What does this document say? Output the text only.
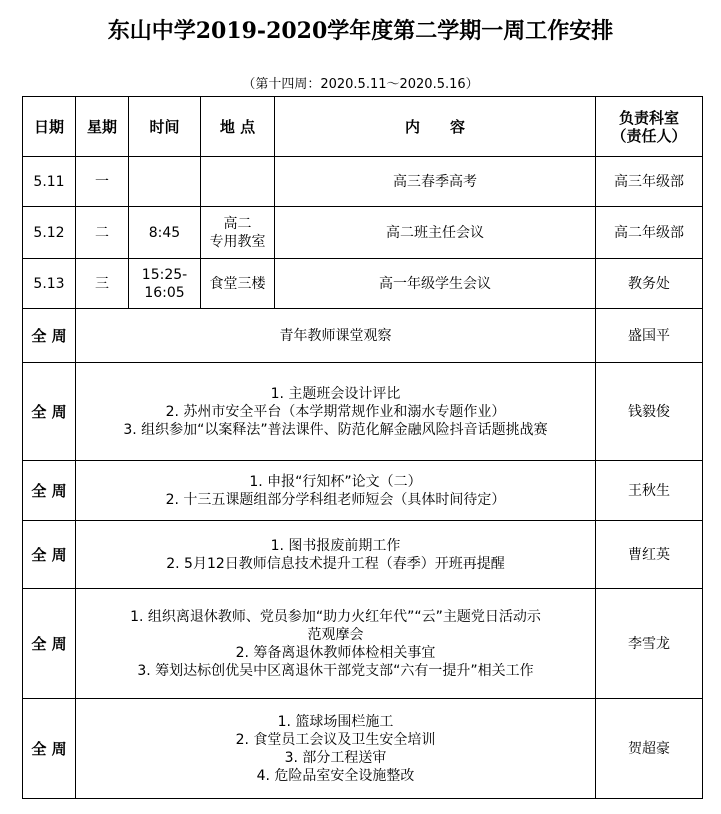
东山中学2019-2020学年度第二学期一周工作安排
（第十四周：2020.5.11～2020.5.16）
日期	星期	时间	地 点	内　　容	负责科室
（责任人）

5.11	一			高三春季高考	高三年级部
5.12	二	8:45	高二
专用教室	高二班主任会议	高二年级部
5.13	三	15:25-
16:05	食堂三楼	高一年级学生会议	教务处
全 周	青年教师课堂观察				盛国平
全 周	1. 主题班会设计评比
2. 苏州市安全平台（本学期常规作业和溺水专题作业）
3. 组织参加“以案释法”普法课件、防范化解金融风险抖音话题挑战赛				钱毅俊
全 周	1. 申报“行知杯”论文（二）
2. 十三五课题组部分学科组老师短会（具体时间待定）				王秋生
全 周	1. 图书报废前期工作
2. 5月12日教师信息技术提升工程（春季）开班再提醒				曹红英
全 周	1. 组织离退休教师、党员参加“助力火红年代”“云”主题党日活动示
范观摩会
2. 筹备离退休教师体检相关事宜
3. 筹划达标创优吴中区离退休干部党支部“六有一提升”相关工作				李雪龙
全 周	1. 篮球场围栏施工
2. 食堂员工会议及卫生安全培训
3. 部分工程送审
4. 危险品室安全设施整改				贺超豪
